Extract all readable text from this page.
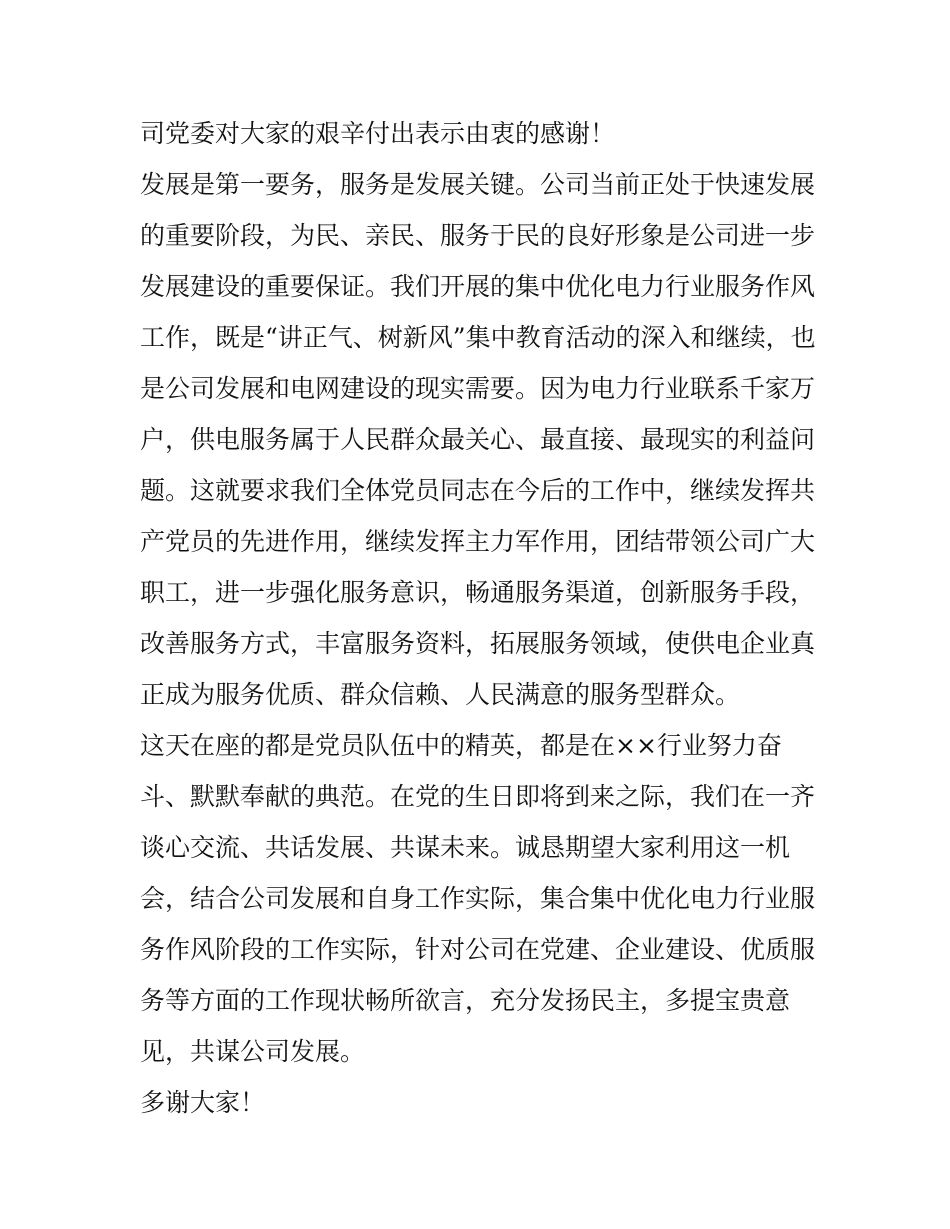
司党委对大家的艰辛付出表示由衷的感谢！
发展是第一要务，服务是发展关键。公司当前正处于快速发展
的重要阶段，为民、亲民、服务于民的良好形象是公司进一步
发展建设的重要保证。我们开展的集中优化电力行业服务作风
工作，既是“讲正气、树新风”集中教育活动的深入和继续，也
是公司发展和电网建设的现实需要。因为电力行业联系千家万
户，供电服务属于人民群众最关心、最直接、最现实的利益问
题。这就要求我们全体党员同志在今后的工作中，继续发挥共
产党员的先进作用，继续发挥主力军作用，团结带领公司广大
职工，进一步强化服务意识，畅通服务渠道，创新服务手段，
改善服务方式，丰富服务资料，拓展服务领域，使供电企业真
正成为服务优质、群众信赖、人民满意的服务型群众。
这天在座的都是党员队伍中的精英，都是在××行业努力奋
斗、默默奉献的典范。在党的生日即将到来之际，我们在一齐
谈心交流、共话发展、共谋未来。诚恳期望大家利用这一机
会，结合公司发展和自身工作实际，集合集中优化电力行业服
务作风阶段的工作实际，针对公司在党建、企业建设、优质服
务等方面的工作现状畅所欲言，充分发扬民主，多提宝贵意
见，共谋公司发展。
多谢大家！
